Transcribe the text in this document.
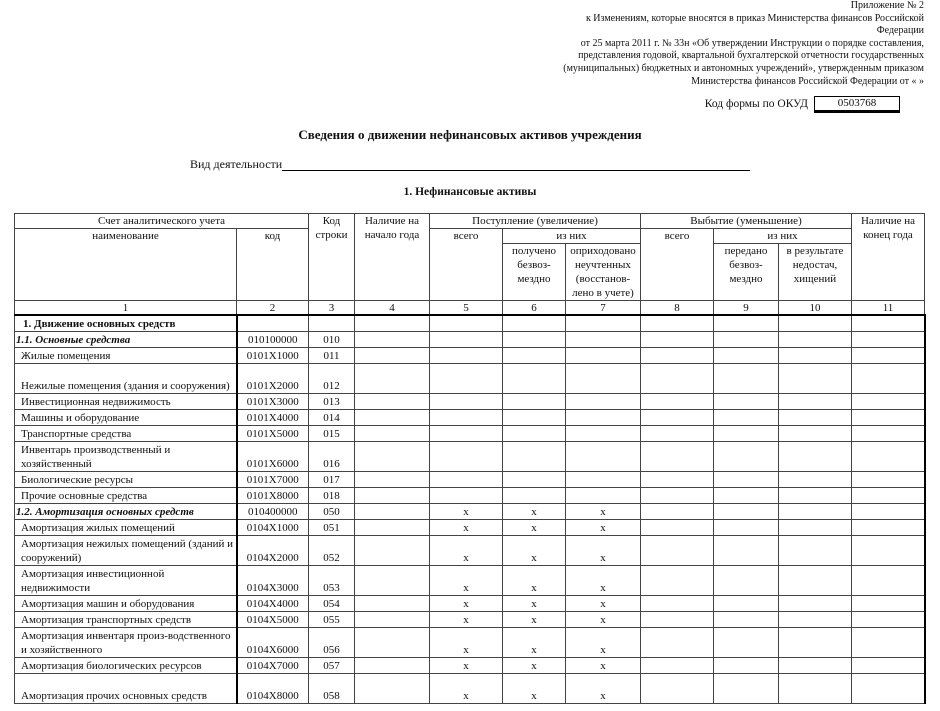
Приложение № 2
к Изменениям, которые вносятся в приказ Министерства финансов Российской
Федерации
от 25 марта 2011 г. № 33н «Об утверждении Инструкции о порядке составления,
представления годовой, квартальной бухгалтерской отчетности государственных
(муниципальных) бюджетных и автономных учреждений», утвержденным приказом
Министерства финансов Российской Федерации от « »
Код формы по ОКУД	0503768
Сведения о движении нефинансовых активов учреждения
Вид деятельности
1. Нефинансовые активы
Счет аналитического учета		Код строки	Наличие на начало года	Поступление (увеличение)			Выбытие (уменьшение)			Наличие на конец года
наименование	код			всего	из них		всего	из них		
					получено безвоз-мездно	оприходовано неучтенных (восстанов-лено в учете)		передано безвоз-мездно	в результате недостач, хищений	
1	2	3	4	5	6	7	8	9	10	11
1. Движение основных средств										
1.1. Основные средства	010100000	010								
Жилые помещения	0101Х1000	011								
Нежилые помещения (здания и сооружения)	0101Х2000	012								
Инвестиционная недвижимость	0101Х3000	013								
Машины и оборудование	0101Х4000	014								
Транспортные средства	0101Х5000	015								
Инвентарь производственный и хозяйственный	0101Х6000	016								
Биологические ресурсы	0101Х7000	017								
Прочие основные средства	0101Х8000	018								
1.2. Амортизация основных средств	010400000	050		х	х	х				
Амортизация жилых помещений	0104Х1000	051		х	х	х				
Амортизация нежилых помещений (зданий и сооружений)	0104Х2000	052		х	х	х				
Амортизация инвестиционной недвижимости	0104Х3000	053		х	х	х				
Амортизация машин и оборудования	0104Х4000	054		х	х	х				
Амортизация транспортных средств	0104Х5000	055		х	х	х				
Амортизация инвентаря произ-водственного и хозяйственного	0104Х6000	056		х	х	х				
Амортизация биологических ресурсов	0104Х7000	057		х	х	х				
Амортизация прочих основных средств	0104Х8000	058		х	х	х				
